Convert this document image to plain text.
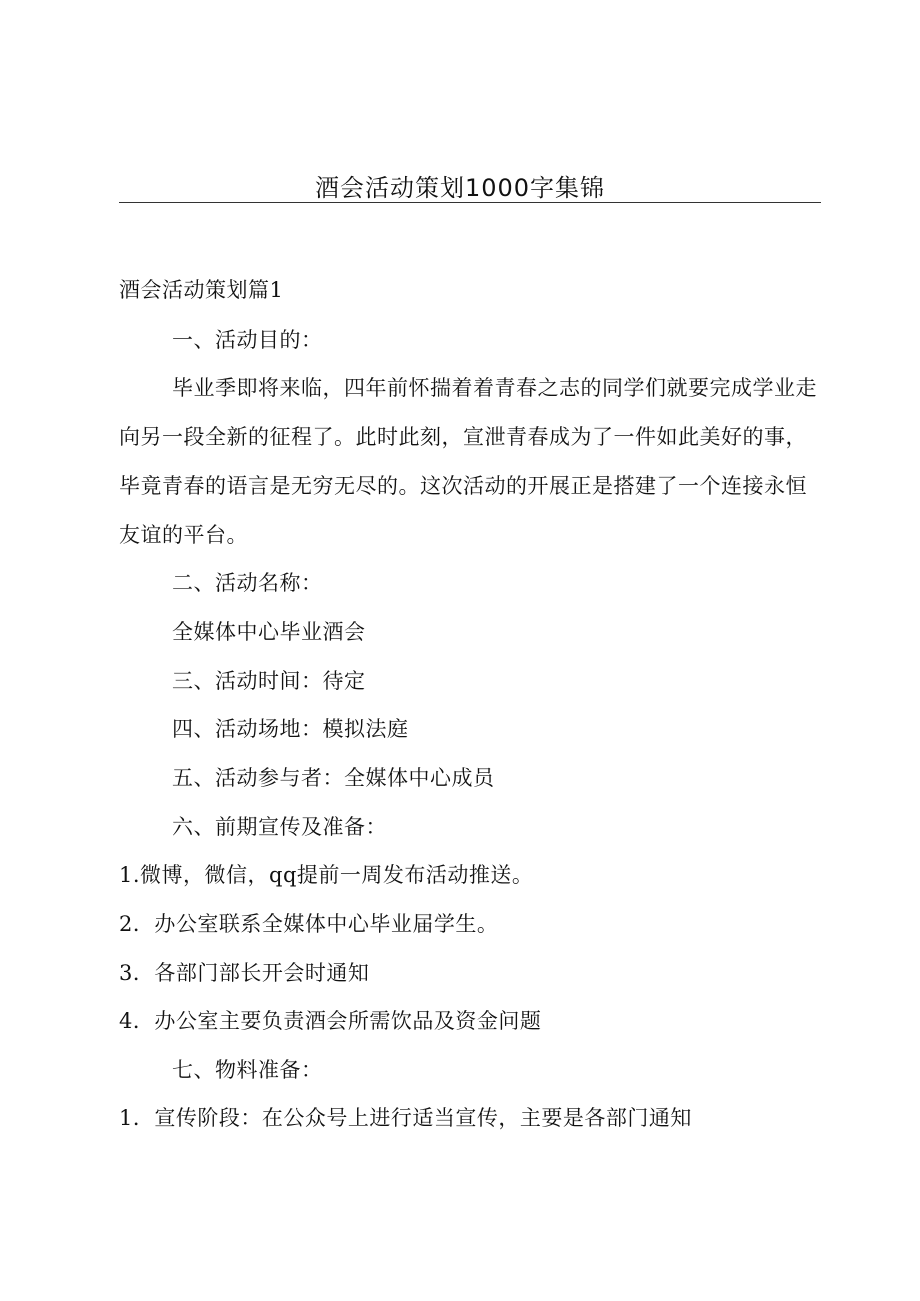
酒会活动策划1000字集锦
酒会活动策划篇1
一、活动目的：
毕业季即将来临，四年前怀揣着着青春之志的同学们就要完成学业走
向另一段全新的征程了。此时此刻，宣泄青春成为了一件如此美好的事，
毕竟青春的语言是无穷无尽的。这次活动的开展正是搭建了一个连接永恒
友谊的平台。
二、活动名称：
全媒体中心毕业酒会
三、活动时间：待定
四、活动场地：模拟法庭
五、活动参与者：全媒体中心成员
六、前期宣传及准备：
1.微博，微信，qq提前一周发布活动推送。
2．办公室联系全媒体中心毕业届学生。
3．各部门部长开会时通知
4．办公室主要负责酒会所需饮品及资金问题
七、物料准备：
1．宣传阶段：在公众号上进行适当宣传，主要是各部门通知
